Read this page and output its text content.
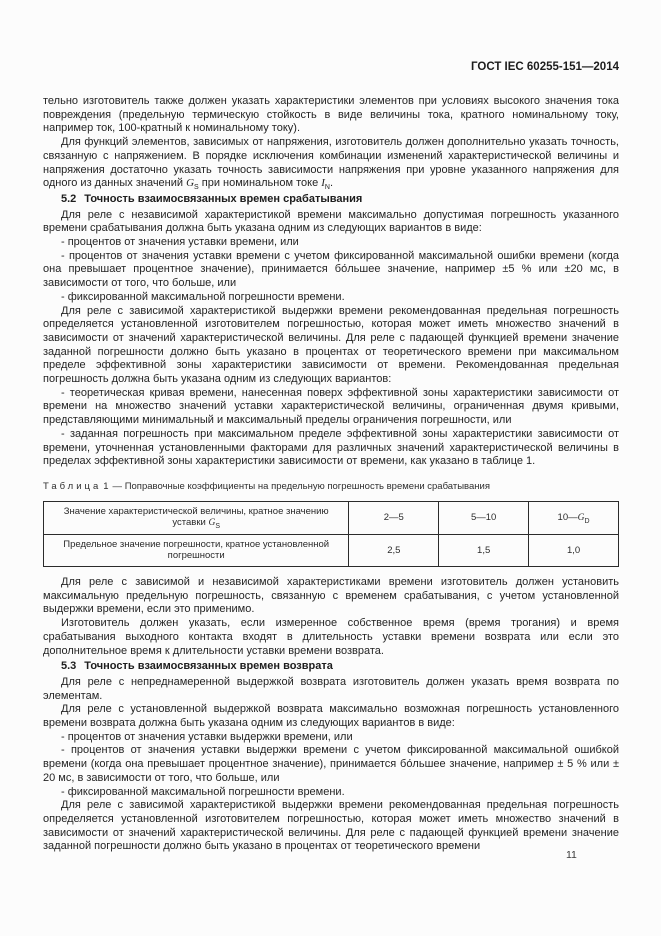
ГОСТ IEC 60255-151—2014

тельно изготовитель также должен указать характеристики элементов при условиях высокого значения тока повреждения (предельную термическую стойкость в виде величины тока, кратного номинальному току, например ток, 100-кратный к номинальному току).

Для функций элементов, зависимых от напряжения, изготовитель должен дополнительно указать точность, связанную с напряжением. В порядке исключения комбинации изменений характеристической величины и напряжения достаточно указать точность зависимости напряжения при уровне указанного напряжения для одного из данных значений $G_S$ при номинальном токе $I_N$.

5.2 Точность взаимосвязанных времен срабатывания

Для реле с независимой характеристикой времени максимально допустимая погрешность указанного времени срабатывания должна быть указана одним из следующих вариантов в виде:

- процентов от значения уставки времени, или

- процентов от значения уставки времени с учетом фиксированной максимальной ошибки времени (когда она превышает процентное значение), принимается бо́льшее значение, например ±5 % или ±20 мс, в зависимости от того, что больше, или

- фиксированной максимальной погрешности времени.

Для реле с зависимой характеристикой выдержки времени рекомендованная предельная погрешность определяется установленной изготовителем погрешностью, которая может иметь множество значений в зависимости от значений характеристической величины. Для реле с падающей функцией времени значение заданной погрешности должно быть указано в процентах от теоретического времени при максимальном пределе эффективной зоны характеристики зависимости от времени. Рекомендованная предельная погрешность должна быть указана одним из следующих вариантов:

- теоретическая кривая времени, нанесенная поверх эффективной зоны характеристики зависимости от времени на множество значений уставки характеристической величины, ограниченная двумя кривыми, представляющими минимальный и максимальный пределы ограничения погрешности, или

- заданная погрешность при максимальном пределе эффективной зоны характеристики зависимости от времени, уточненная установленными факторами для различных значений характеристической величины в пределах эффективной зоны характеристики зависимости от времени, как указано в таблице 1.

Таблица 1 — Поправочные коэффициенты на предельную погрешность времени срабатывания
Значение характеристической величины, кратное значению уставки $G_S$	2—5	5—10	$10—G_D$
Предельное значение погрешности, кратное установленной погрешности	2,5	1,5	1,0

Для реле с зависимой и независимой характеристиками времени изготовитель должен установить максимальную предельную погрешность, связанную с временем срабатывания, с учетом установленной выдержки времени, если это применимо.

Изготовитель должен указать, если измеренное собственное время (время трогания) и время срабатывания выходного контакта входят в длительность уставки времени возврата или если это дополнительное время к длительности уставки времени возврата.

5.3 Точность взаимосвязанных времен возврата

Для реле с непреднамеренной выдержкой возврата изготовитель должен указать время возврата по элементам.

Для реле с установленной выдержкой возврата максимально возможная погрешность установленного времени возврата должна быть указана одним из следующих вариантов в виде:

- процентов от значения уставки выдержки времени, или

- процентов от значения уставки выдержки времени с учетом фиксированной максимальной ошибкой времени (когда она превышает процентное значение), принимается бо́льшее значение, например ± 5 % или ± 20 мс, в зависимости от того, что больше, или

- фиксированной максимальной погрешности времени.

Для реле с зависимой характеристикой выдержки времени рекомендованная предельная погрешность определяется установленной изготовителем погрешностью, которая может иметь множество значений в зависимости от значений характеристической величины. Для реле с падающей функцией времени значение заданной погрешности должно быть указано в процентах от теоретического времени

11
